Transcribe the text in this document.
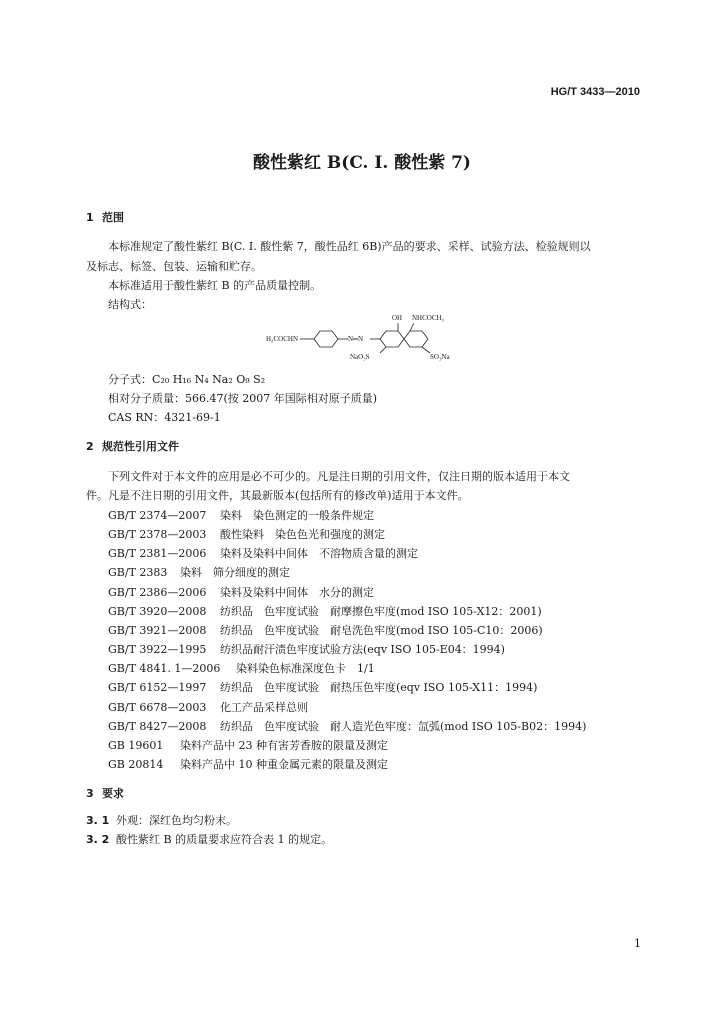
HG/T 3433—2010
酸性紫红 B(C. I. 酸性紫 7)
1 范围
本标准规定了酸性紫红 B(C. I. 酸性紫 7，酸性品红 6B)产品的要求、采样、试验方法、检验规则以
及标志、标签、包装、运输和贮存。
本标准适用于酸性紫红 B 的产品质量控制。
结构式：
H₃COCHN	N═N
OH NHCOCH₃
NaO₃S	SO₃Na
分子式：C₂₀ H₁₆ N₄ Na₂ O₉ S₂
相对分子质量：566.47(按 2007 年国际相对原子质量)
CAS RN：4321-69-1
2 规范性引用文件
下列文件对于本文件的应用是必不可少的。凡是注日期的引用文件，仅注日期的版本适用于本文
件。凡是不注日期的引用文件，其最新版本(包括所有的修改单)适用于本文件。
GB/T 2374—2007 染料　染色测定的一般条件规定
GB/T 2378—2003 酸性染料　染色色光和强度的测定
GB/T 2381—2006 染料及染料中间体　不溶物质含量的测定
GB/T 2383 染料　筛分细度的测定
GB/T 2386—2006 染料及染料中间体　水分的测定
GB/T 3920—2008 纺织品　色牢度试验　耐摩擦色牢度(mod ISO 105-X12：2001)
GB/T 3921—2008 纺织品　色牢度试验　耐皂洗色牢度(mod ISO 105-C10：2006)
GB/T 3922—1995 纺织品耐汗渍色牢度试验方法(eqv ISO 105-E04：1994)
GB/T 4841. 1—2006 染料染色标准深度色卡　1/1
GB/T 6152—1997 纺织品　色牢度试验　耐热压色牢度(eqv ISO 105-X11：1994)
GB/T 6678—2003 化工产品采样总则
GB/T 8427—2008 纺织品　色牢度试验　耐人造光色牢度：氙弧(mod ISO 105-B02：1994)
GB 19601 染料产品中 23 种有害芳香胺的限量及测定
GB 20814 染料产品中 10 种重金属元素的限量及测定
3 要求
3. 1 外观：深红色均匀粉末。
3. 2 酸性紫红 B 的质量要求应符合表 1 的规定。
1
